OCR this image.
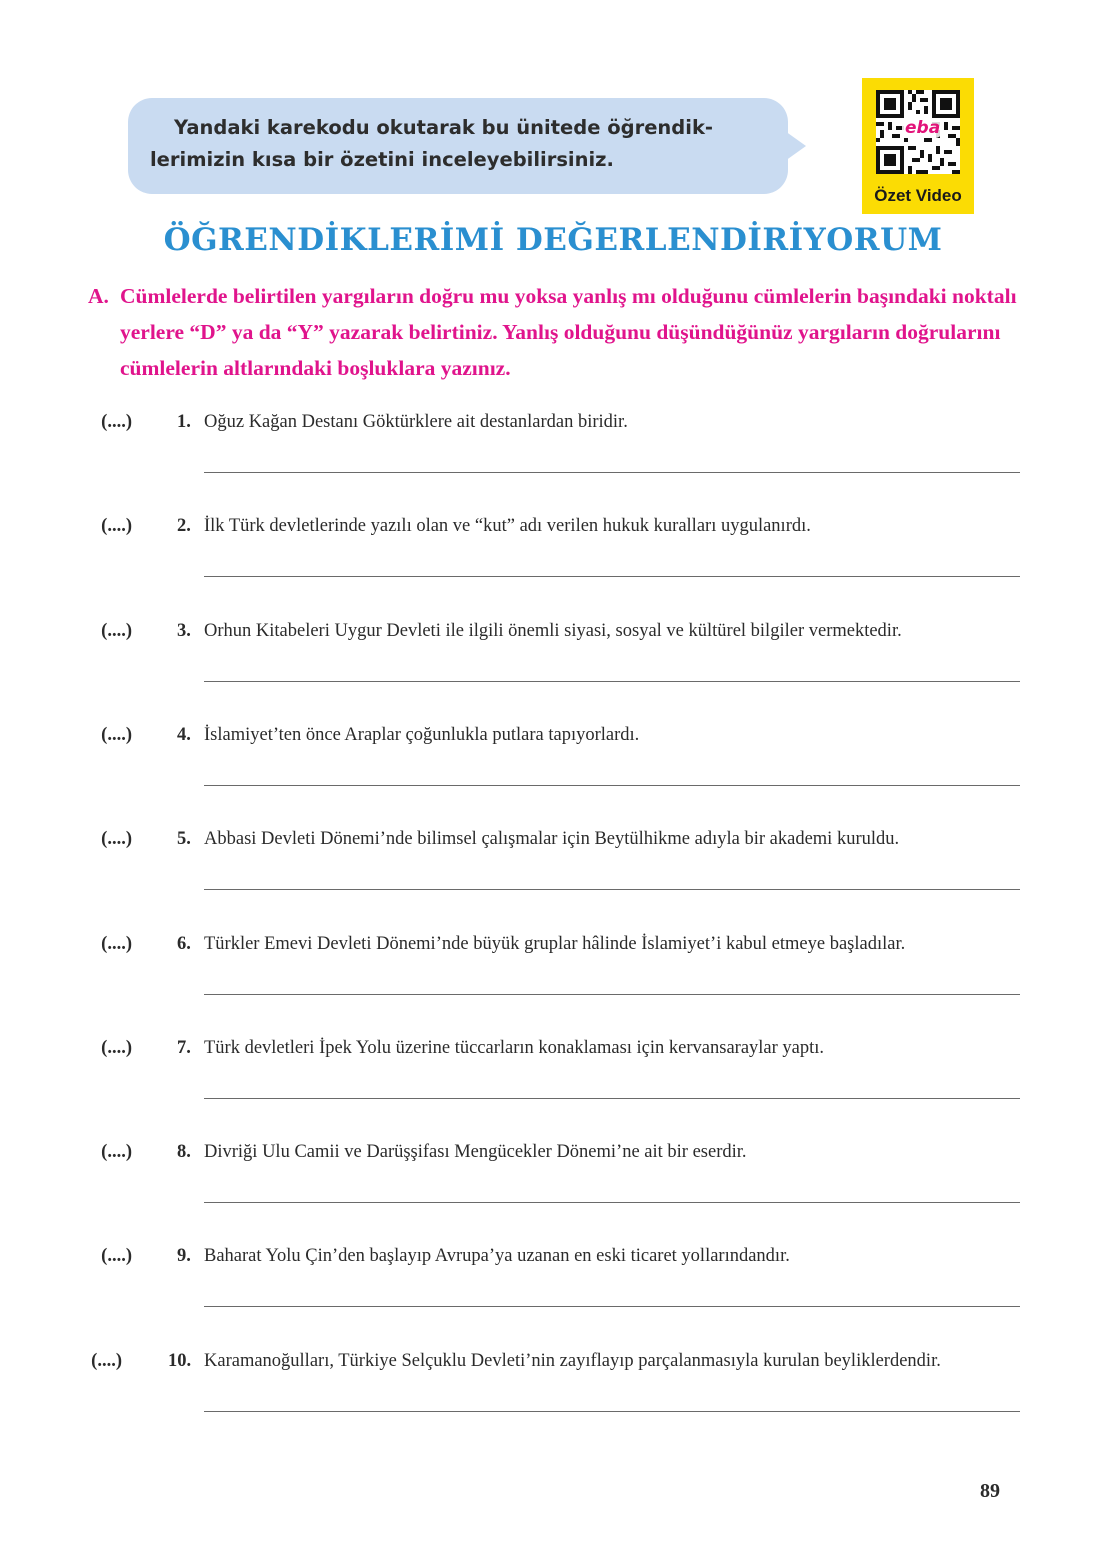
Yandaki karekodu okutarak bu ünitede öğrendik-
lerimizin kısa bir özetini inceleyebilirsiniz.
eba
Özet Video
ÖĞRENDİKLERİMİ DEĞERLENDİRİYORUM
A. Cümlelerde belirtilen yargıların doğru mu yoksa yanlış mı olduğunu cümlelerin başındaki noktalı yerlere “D” ya da “Y” yazarak belirtiniz. Yanlış olduğunu düşündüğünüz yargıların doğrularını cümlelerin altlarındaki boşluklara yazınız.
(....) 1. Oğuz Kağan Destanı Göktürklere ait destanlardan biridir.
(....) 2. İlk Türk devletlerinde yazılı olan ve “kut” adı verilen hukuk kuralları uygulanırdı.
(....) 3. Orhun Kitabeleri Uygur Devleti ile ilgili önemli siyasi, sosyal ve kültürel bilgiler vermektedir.
(....) 4. İslamiyet’ten önce Araplar çoğunlukla putlara tapıyorlardı.
(....) 5. Abbasi Devleti Dönemi’nde bilimsel çalışmalar için Beytülhikme adıyla bir akademi kuruldu.
(....) 6. Türkler Emevi Devleti Dönemi’nde büyük gruplar hâlinde İslamiyet’i kabul etmeye başladılar.
(....) 7. Türk devletleri İpek Yolu üzerine tüccarların konaklaması için kervansaraylar yaptı.
(....) 8. Divriği Ulu Camii ve Darüşşifası Mengücekler Dönemi’ne ait bir eserdir.
(....) 9. Baharat Yolu Çin’den başlayıp Avrupa’ya uzanan en eski ticaret yollarındandır.
(....) 10. Karamanoğulları, Türkiye Selçuklu Devleti’nin zayıflayıp parçalanmasıyla kurulan beyliklerdendir.
89
